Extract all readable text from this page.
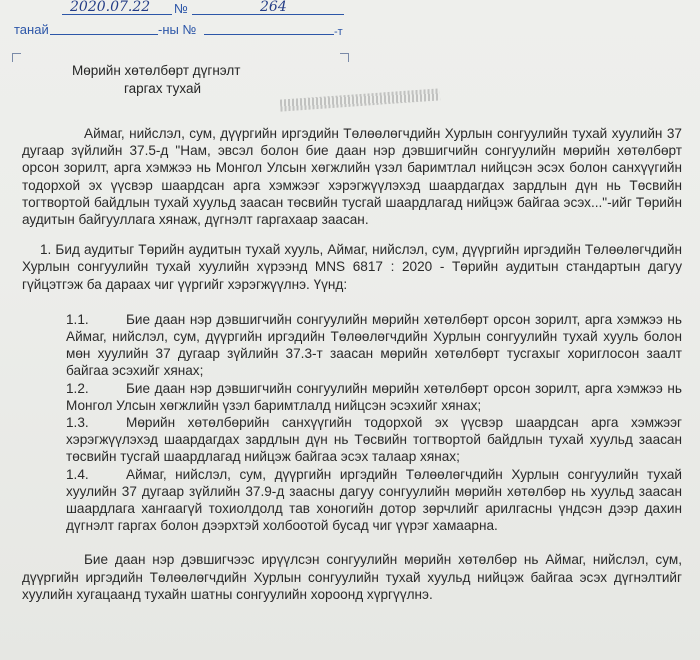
2020.07.22 №	264
танай	-ны №	-т
Мөрийн хөтөлбөрт дүгнэлт
гаргах тухай

Аймаг, нийслэл, сум, дүүргийн иргэдийн Төлөөлөгчдийн Хурлын сонгуулийн тухай хуулийн 37 дугаар зүйлийн 37.5-д "Нам, эвсэл болон бие даан нэр дэвшигчийн сонгуулийн мөрийн хөтөлбөрт орсон зорилт, арга хэмжээ нь Монгол Улсын хөгжлийн үзэл баримтлал нийцсэн эсэх болон санхүүгийн тодорхой эх үүсвэр шаардсан арга хэмжээг хэрэгжүүлэхэд шаардагдах зардлын дүн нь Төсвийн тогтвортой байдлын тухай хуульд заасан төсвийн тусгай шаардлагад нийцэж байгаа эсэх..."-ийг Төрийн аудитын байгууллага хянаж, дүгнэлт гаргахаар заасан.

1. Бид аудитыг Төрийн аудитын тухай хууль, Аймаг, нийслэл, сум, дүүргийн иргэдийн Төлөөлөгчдийн Хурлын сонгуулийн тухай хуулийн хүрээнд MNS 6817 : 2020 - Төрийн аудитын стандартын дагуу гүйцэтгэж ба дараах чиг үүргийг хэрэгжүүлнэ. Үүнд:

1.1.	Бие даан нэр дэвшигчийн сонгуулийн мөрийн хөтөлбөрт орсон зорилт, арга хэмжээ нь Аймаг, нийслэл, сум, дүүргийн иргэдийн Төлөөлөгчдийн Хурлын сонгуулийн тухай хууль болон мөн хуулийн 37 дугаар зүйлийн 37.3-т заасан мөрийн хөтөлбөрт тусгахыг хориглосон заалт байгаа эсэхийг хянах;
1.2.	Бие даан нэр дэвшигчийн сонгуулийн мөрийн хөтөлбөрт орсон зорилт, арга хэмжээ нь Монгол Улсын хөгжлийн үзэл баримтлалд нийцсэн эсэхийг хянах;
1.3.	Мөрийн хөтөлбөрийн санхүүгийн тодорхой эх үүсвэр шаардсан арга хэмжээг хэрэгжүүлэхэд шаардагдах зардлын дүн нь Төсвийн тогтвортой байдлын тухай хуульд заасан төсвийн тусгай шаардлагад нийцэж байгаа эсэх талаар хянах;
1.4.	Аймаг, нийслэл, сум, дүүргийн иргэдийн Төлөөлөгчдийн Хурлын сонгуулийн тухай хуулийн 37 дугаар зүйлийн 37.9-д заасны дагуу сонгуулийн мөрийн хөтөлбөр нь хуульд заасан шаардлага хангаагүй тохиолдолд тав хоногийн дотор зөрчлийг арилгасны үндсэн дээр дахин дүгнэлт гаргах болон дээрхтэй холбоотой бусад чиг үүрэг хамаарна.

Бие даан нэр дэвшигчээс ирүүлсэн сонгуулийн мөрийн хөтөлбөр нь Аймаг, нийслэл, сум, дүүргийн иргэдийн Төлөөлөгчдийн Хурлын сонгуулийн тухай хуульд нийцэж байгаа эсэх дүгнэлтийг хуулийн хугацаанд тухайн шатны сонгуулийн хороонд хүргүүлнэ.
